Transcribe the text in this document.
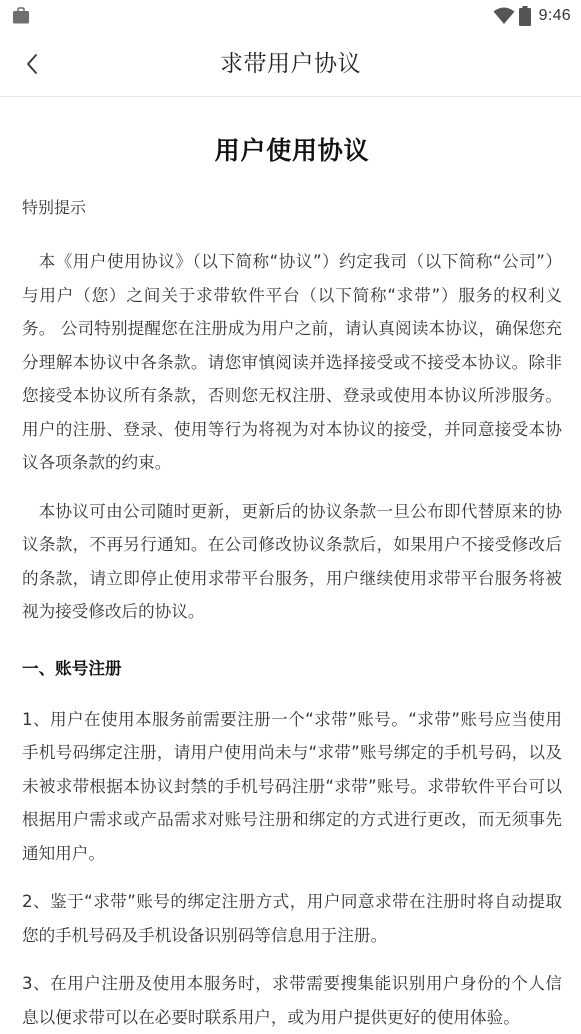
9:46
求带用户协议
用户使用协议

特别提示

本《用户使用协议》（以下简称“协议”）约定我司（以下简称“公司”）与用户（您）之间关于求带软件平台（以下简称“求带”）服务的权利义务。 公司特别提醒您在注册成为用户之前，请认真阅读本协议，确保您充分理解本协议中各条款。请您审慎阅读并选择接受或不接受本协议。除非您接受本协议所有条款，否则您无权注册、登录或使用本协议所涉服务。用户的注册、登录、使用等行为将视为对本协议的接受，并同意接受本协议各项条款的约束。

本协议可由公司随时更新，更新后的协议条款一旦公布即代替原来的协议条款，不再另行通知。在公司修改协议条款后，如果用户不接受修改后的条款，请立即停止使用求带平台服务，用户继续使用求带平台服务将被视为接受修改后的协议。

一、账号注册

1、用户在使用本服务前需要注册一个“求带”账号。“求带”账号应当使用手机号码绑定注册，请用户使用尚未与“求带”账号绑定的手机号码，以及未被求带根据本协议封禁的手机号码注册“求带”账号。求带软件平台可以根据用户需求或产品需求对账号注册和绑定的方式进行更改，而无须事先通知用户。

2、鉴于“求带”账号的绑定注册方式，用户同意求带在注册时将自动提取您的手机号码及手机设备识别码等信息用于注册。

3、在用户注册及使用本服务时，求带需要搜集能识别用户身份的个人信息以便求带可以在必要时联系用户，或为用户提供更好的使用体验。
